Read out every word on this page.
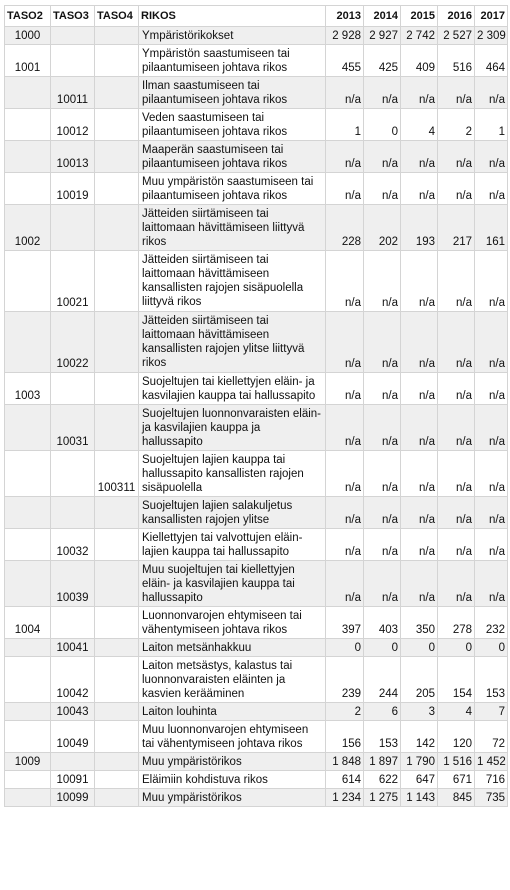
TASO2	TASO3	TASO4	RIKOS	2013	2014	2015	2016	2017
1000			Ympäristörikokset	2 928	2 927	2 742	2 527	2 309
1001			Ympäristön saastumiseen tai pilaantumiseen johtava rikos	455	425	409	516	464
	10011		Ilman saastumiseen tai pilaantumiseen johtava rikos	n/a	n/a	n/a	n/a	n/a
	10012		Veden saastumiseen tai pilaantumiseen johtava rikos	1	0	4	2	1
	10013		Maaperän saastumiseen tai pilaantumiseen johtava rikos	n/a	n/a	n/a	n/a	n/a
	10019		Muu ympäristön saastumiseen tai pilaantumiseen johtava rikos	n/a	n/a	n/a	n/a	n/a
1002			Jätteiden siirtämiseen tai laittomaan hävittämiseen liittyvä rikos	228	202	193	217	161
	10021		Jätteiden siirtämiseen tai laittomaan hävittämiseen kansallisten rajojen sisäpuolella liittyvä rikos	n/a	n/a	n/a	n/a	n/a
	10022		Jätteiden siirtämiseen tai laittomaan hävittämiseen kansallisten rajojen ylitse liittyvä rikos	n/a	n/a	n/a	n/a	n/a
1003			Suojeltujen tai kiellettyjen eläin- ja kasvilajien kauppa tai hallussapito	n/a	n/a	n/a	n/a	n/a
	10031		Suojeltujen luonnonvaraisten eläin- ja kasvilajien kauppa ja hallussapito	n/a	n/a	n/a	n/a	n/a
		100311	Suojeltujen lajien kauppa tai hallussapito kansallisten rajojen sisäpuolella	n/a	n/a	n/a	n/a	n/a
			Suojeltujen lajien salakuljetus kansallisten rajojen ylitse	n/a	n/a	n/a	n/a	n/a
	10032		Kiellettyjen tai valvottujen eläin- lajien kauppa tai hallussapito	n/a	n/a	n/a	n/a	n/a
	10039		Muu suojeltujen tai kiellettyjen eläin- ja kasvilajien kauppa tai hallussapito	n/a	n/a	n/a	n/a	n/a
1004			Luonnonvarojen ehtymiseen tai vähentymiseen johtava rikos	397	403	350	278	232
	10041		Laiton metsänhakkuu	0	0	0	0	0
	10042		Laiton metsästys, kalastus tai luonnonvaraisten eläinten ja kasvien kerääminen	239	244	205	154	153
	10043		Laiton louhinta	2	6	3	4	7
	10049		Muu luonnonvarojen ehtymiseen tai vähentymiseen johtava rikos	156	153	142	120	72
1009			Muu ympäristörikos	1 848	1 897	1 790	1 516	1 452
	10091		Eläimiin kohdistuva rikos	614	622	647	671	716
	10099		Muu ympäristörikos	1 234	1 275	1 143	845	735
